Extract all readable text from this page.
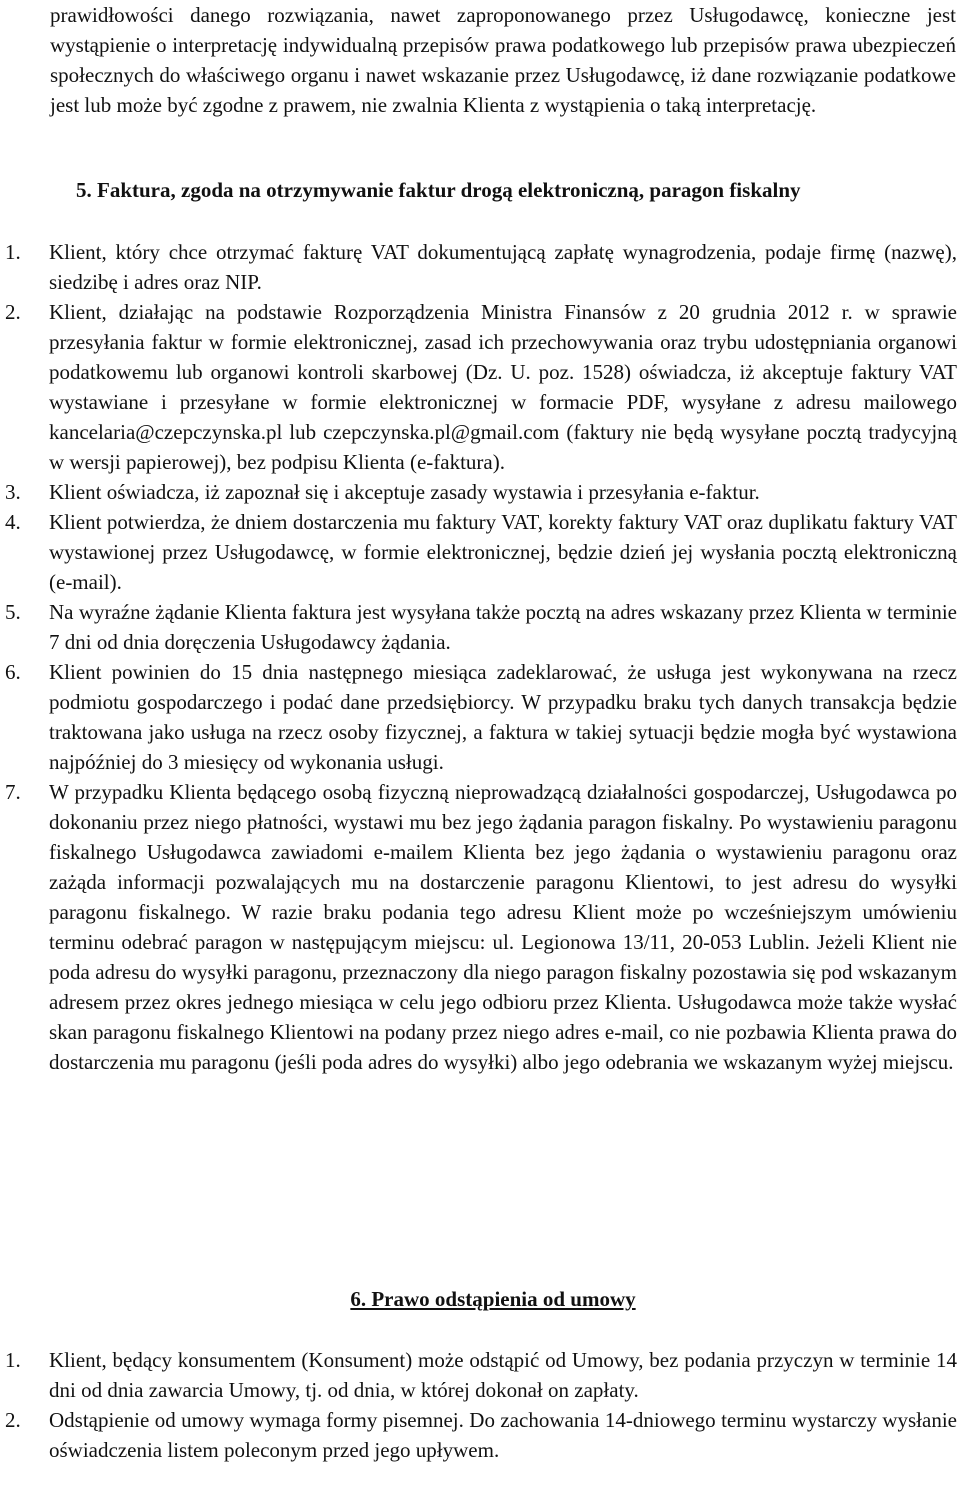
prawidłowości danego rozwiązania, nawet zaproponowanego przez Usługodawcę, konieczne jest wystąpienie o interpretację indywidualną przepisów prawa podatkowego lub przepisów prawa ubezpieczeń społecznych do właściwego organu i nawet wskazanie przez Usługodawcę, iż dane rozwiązanie podatkowe jest lub może być zgodne z prawem, nie zwalnia Klienta z wystąpienia o taką interpretację.
5. Faktura, zgoda na otrzymywanie faktur drogą elektroniczną, paragon fiskalny
1. Klient, który chce otrzymać fakturę VAT dokumentującą zapłatę wynagrodzenia, podaje firmę (nazwę), siedzibę i adres oraz NIP.
2. Klient, działając na podstawie Rozporządzenia Ministra Finansów z 20 grudnia 2012 r. w sprawie przesyłania faktur w formie elektronicznej, zasad ich przechowywania oraz trybu udostępniania organowi podatkowemu lub organowi kontroli skarbowej (Dz. U. poz. 1528) oświadcza, iż akceptuje faktury VAT wystawiane i przesyłane w formie elektronicznej w formacie PDF, wysyłane z adresu mailowego kancelaria@czepczynska.pl lub czepczynska.pl@gmail.com (faktury nie będą wysyłane pocztą tradycyjną w wersji papierowej), bez podpisu Klienta (e-faktura).
3. Klient oświadcza, iż zapoznał się i akceptuje zasady wystawia i przesyłania e-faktur.
4. Klient potwierdza, że dniem dostarczenia mu faktury VAT, korekty faktury VAT oraz duplikatu faktury VAT wystawionej przez Usługodawcę, w formie elektronicznej, będzie dzień jej wysłania pocztą elektroniczną (e-mail).
5. Na wyraźne żądanie Klienta faktura jest wysyłana także pocztą na adres wskazany przez Klienta w terminie 7 dni od dnia doręczenia Usługodawcy żądania.
6. Klient powinien do 15 dnia następnego miesiąca zadeklarować, że usługa jest wykonywana na rzecz podmiotu gospodarczego i podać dane przedsiębiorcy. W przypadku braku tych danych transakcja będzie traktowana jako usługa na rzecz osoby fizycznej, a faktura w takiej sytuacji będzie mogła być wystawiona najpóźniej do 3 miesięcy od wykonania usługi.
7. W przypadku Klienta będącego osobą fizyczną nieprowadzącą działalności gospodarczej, Usługodawca po dokonaniu przez niego płatności, wystawi mu bez jego żądania paragon fiskalny. Po wystawieniu paragonu fiskalnego Usługodawca zawiadomi e-mailem Klienta bez jego żądania o wystawieniu paragonu oraz zażąda informacji pozwalających mu na dostarczenie paragonu Klientowi, to jest adresu do wysyłki paragonu fiskalnego. W razie braku podania tego adresu Klient może po wcześniejszym umówieniu terminu odebrać paragon w następującym miejscu: ul. Legionowa 13/11, 20-053 Lublin. Jeżeli Klient nie poda adresu do wysyłki paragonu, przeznaczony dla niego paragon fiskalny pozostawia się pod wskazanym adresem przez okres jednego miesiąca w celu jego odbioru przez Klienta. Usługodawca może także wysłać skan paragonu fiskalnego Klientowi na podany przez niego adres e-mail, co nie pozbawia Klienta prawa do dostarczenia mu paragonu (jeśli poda adres do wysyłki) albo jego odebrania we wskazanym wyżej miejscu.
6. Prawo odstąpienia od umowy
1. Klient, będący konsumentem (Konsument) może odstąpić od Umowy, bez podania przyczyn w terminie 14 dni od dnia zawarcia Umowy, tj. od dnia, w której dokonał on zapłaty.
2. Odstąpienie od umowy wymaga formy pisemnej. Do zachowania 14-dniowego terminu wystarczy wysłanie oświadczenia listem poleconym przed jego upływem.
